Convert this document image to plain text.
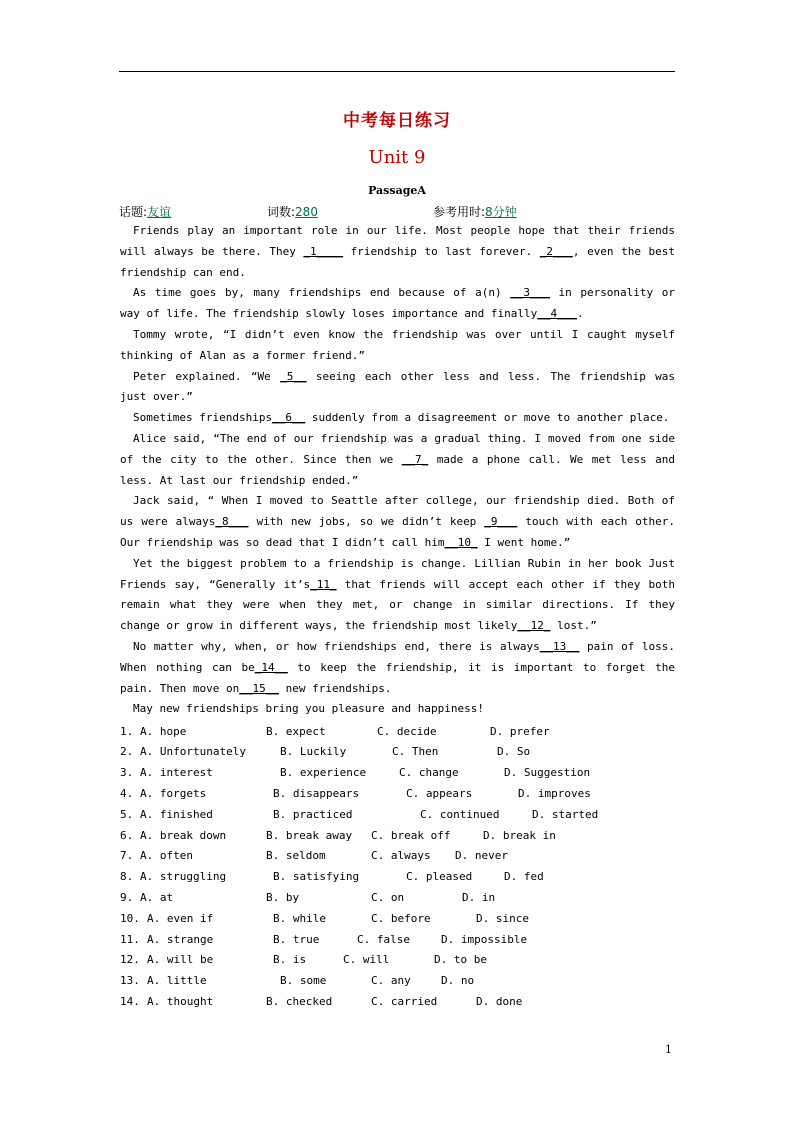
中考每日练习
Unit 9
PassageA
话题:友谊	词数:280	参考用时:8分钟

Friends play an important role in our life. Most people hope that their friends will always be there. They _1____ friendship to last forever. _2___, even the best friendship can end.

As time goes by, many friendships end because of a(n) __3___ in personality or way of life. The friendship slowly loses importance and finally__4___.

Tommy wrote, “I didn’t even know the friendship was over until I caught myself thinking of Alan as a former friend.”

Peter explained. “We _5__ seeing each other less and less. The friendship was just over.”

Sometimes friendships__6__ suddenly from a disagreement or move to another place.

Alice said, “The end of our friendship was a gradual thing. I moved from one side of the city to the other. Since then we __7_ made a phone call. We met less and less. At last our friendship ended.”

Jack said, “ When I moved to Seattle after college, our friendship died. Both of us were always_8___ with new jobs, so we didn’t keep _9___ touch with each other. Our friendship was so dead that I didn’t call him__10_ I went home.”

Yet the biggest problem to a friendship is change. Lillian Rubin in her book Just Friends say, “Generally it’s_11_ that friends will accept each other if they both remain what they were when they met, or change in similar directions. If they change or grow in different ways, the friendship most likely__12_ lost.”

No matter why, when, or how friendships end, there is always__13__ pain of loss. When nothing can be_14__ to keep the friendship, it is important to forget the pain. Then move on__15__ new friendships.

May new friendships bring you pleasure and happiness!

1. A. hope	B. expect	C. decide	D. prefer
2. A. Unfortunately	B. Luckily	C. Then	D. So
3. A. interest	B. experience	C. change	D. Suggestion
4. A. forgets	B. disappears	C. appears	D. improves
5. A. finished	B. practiced	C. continued	D. started
6. A. break down	B. break away C. break off	D. break in
7. A. often	B. seldom	C. always D. never
8. A. struggling	B. satisfying	C. pleased	D. fed
9. A. at	B. by	C. on	D. in
10. A. even if	B. while	C. before	D. since
11. A. strange	B. true	C. false	D. impossible
12. A. will be	B. is	C. will	D. to be
13. A. little	B. some	C. any	D. no
14. A. thought	B. checked	C. carried	D. done
1
